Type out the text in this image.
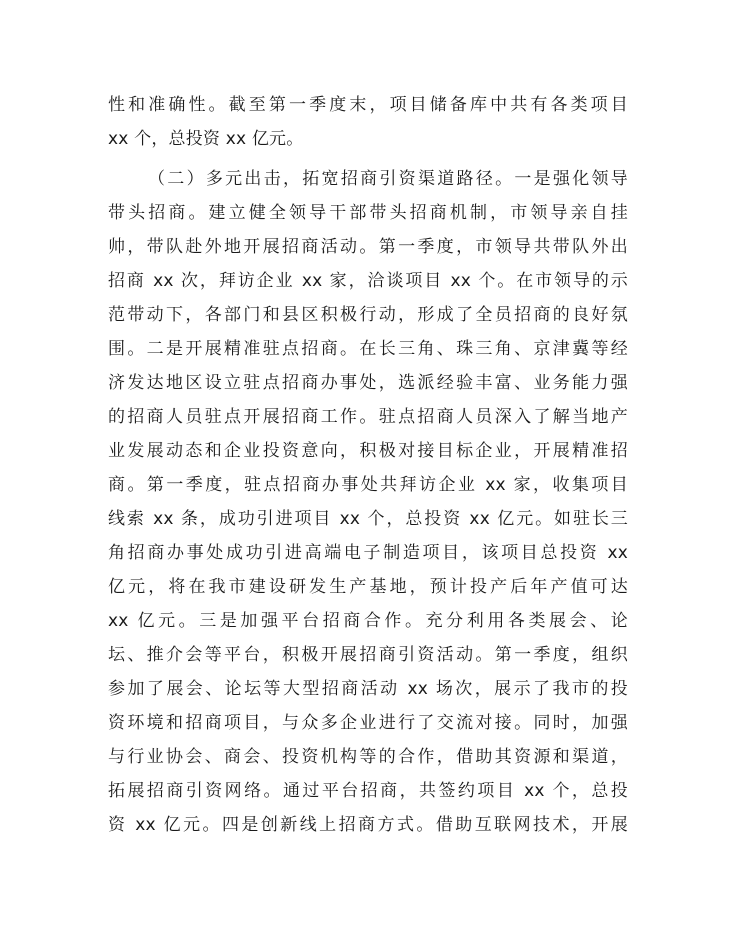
性和准确性。截至第一季度末，项目储备库中共有各类项目
xx 个，总投资 xx 亿元。
（二）多元出击，拓宽招商引资渠道路径。一是强化领导
带头招商。建立健全领导干部带头招商机制，市领导亲自挂
帅，带队赴外地开展招商活动。第一季度，市领导共带队外出
招商 xx 次，拜访企业 xx 家，洽谈项目 xx 个。在市领导的示
范带动下，各部门和县区积极行动，形成了全员招商的良好氛
围。二是开展精准驻点招商。在长三角、珠三角、京津冀等经
济发达地区设立驻点招商办事处，选派经验丰富、业务能力强
的招商人员驻点开展招商工作。驻点招商人员深入了解当地产
业发展动态和企业投资意向，积极对接目标企业，开展精准招
商。第一季度，驻点招商办事处共拜访企业 xx 家，收集项目
线索 xx 条，成功引进项目 xx 个，总投资 xx 亿元。如驻长三
角招商办事处成功引进高端电子制造项目，该项目总投资 xx
亿元，将在我市建设研发生产基地，预计投产后年产值可达
xx 亿元。三是加强平台招商合作。充分利用各类展会、论
坛、推介会等平台，积极开展招商引资活动。第一季度，组织
参加了展会、论坛等大型招商活动 xx 场次，展示了我市的投
资环境和招商项目，与众多企业进行了交流对接。同时，加强
与行业协会、商会、投资机构等的合作，借助其资源和渠道，
拓展招商引资网络。通过平台招商，共签约项目 xx 个，总投
资 xx 亿元。四是创新线上招商方式。借助互联网技术，开展
